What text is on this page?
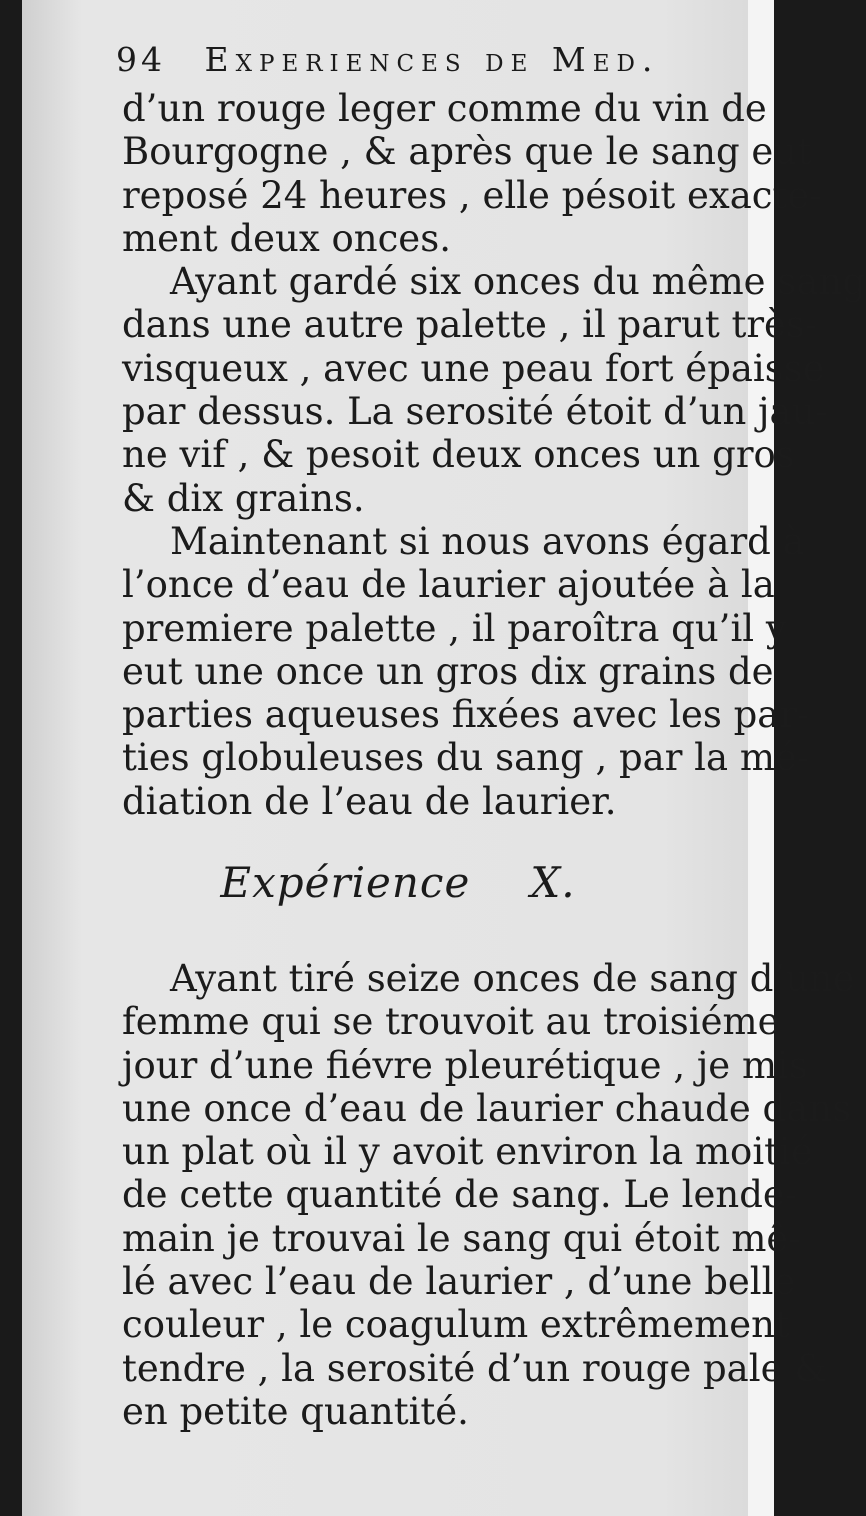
94 Experiences de Med.
d’un rouge leger comme du vin de
Bourgogne , & après que le sang eut
reposé 24 heures , elle pésoit exacte-
ment deux onces.
Ayant gardé six onces du même sang
dans une autre palette , il parut très-
visqueux , avec une peau fort épaisse
par dessus. La serosité étoit d’un jau-
ne vif , & pesoit deux onces un gros
& dix grains.
Maintenant si nous avons égard à
l’once d’eau de laurier ajoutée à la
premiere palette , il paroîtra qu’il y
eut une once un gros dix grains de
parties aqueuses fixées avec les par-
ties globuleuses du sang , par la mé-
diation de l’eau de laurier.
Expérience X.
Ayant tiré seize onces de sang d’une
femme qui se trouvoit au troisiéme
jour d’une fiévre pleurétique , je mis
une once d’eau de laurier chaude dans
un plat où il y avoit environ la moitié
de cette quantité de sang. Le lende-
main je trouvai le sang qui étoit mê-
lé avec l’eau de laurier , d’une belle
couleur , le coagulum extrêmement
tendre , la serosité d’un rouge pale &
en petite quantité.
